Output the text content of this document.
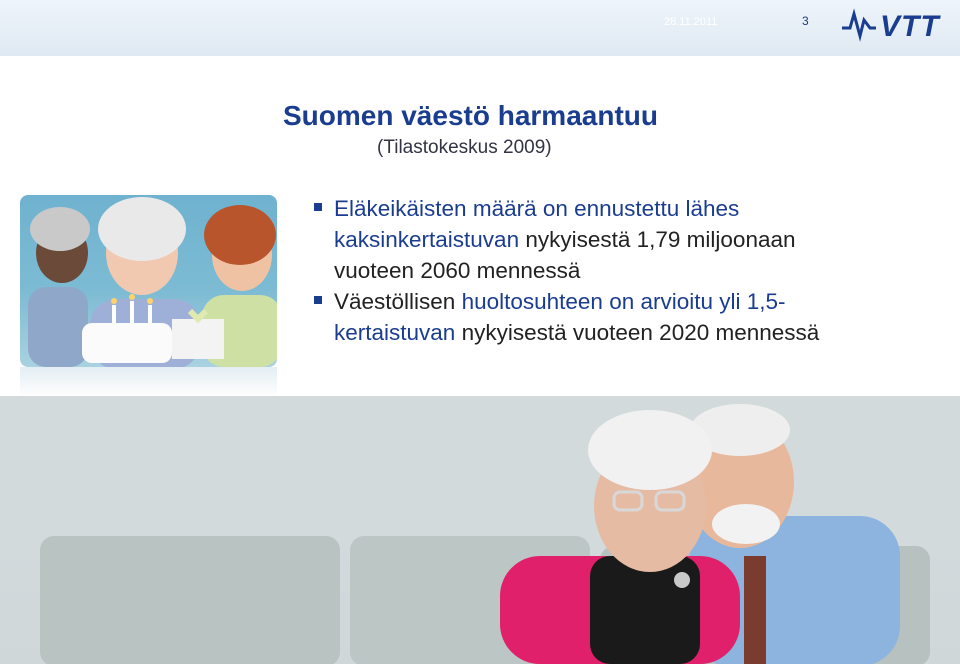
28.11.2011	3 VTT
Suomen väestö harmaantuu
(Tilastokeskus 2009)
Eläkeikäisten määrä on ennustettu lähes kaksinkertaistuvan nykyisestä 1,79 miljoonaan vuoteen 2060 mennessä
Väestöllisen huoltosuhteen on arvioitu yli 1,5-kertaistuvan nykyisestä vuoteen 2020 mennessä
